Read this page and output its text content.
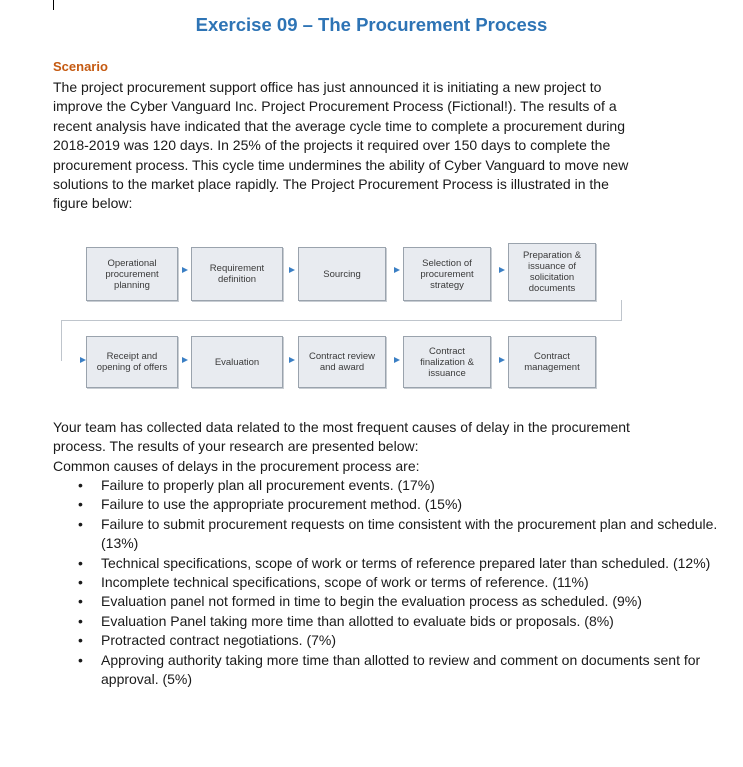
Exercise 09 – The Procurement Process
Scenario

The project procurement support office has just announced it is initiating a new project to improve the Cyber Vanguard Inc. Project Procurement Process (Fictional!). The results of a recent analysis have indicated that the average cycle time to complete a procurement during 2018-2019 was 120 days. In 25% of the projects it required over 150 days to complete the procurement process. This cycle time undermines the ability of Cyber Vanguard to move new solutions to the market place rapidly. The Project Procurement Process is illustrated in the figure below:

Operational procurement planning
Requirement definition	Sourcing
Selection of procurement strategy
Preparation & issuance of solicitation documents
Receipt and opening of offers	Evaluation	Contract review and award
Contract finalization & issuance
Contract management

Your team has collected data related to the most frequent causes of delay in the procurement process. The results of your research are presented below:

Common causes of delays in the procurement process are:

• Failure to properly plan all procurement events. (17%)
• Failure to use the appropriate procurement method. (15%)
• Failure to submit procurement requests on time consistent with the procurement plan and schedule. (13%)
• Technical specifications, scope of work or terms of reference prepared later than scheduled. (12%)
• Incomplete technical specifications, scope of work or terms of reference. (11%)
• Evaluation panel not formed in time to begin the evaluation process as scheduled. (9%)
• Evaluation Panel taking more time than allotted to evaluate bids or proposals. (8%)
• Protracted contract negotiations. (7%)
• Approving authority taking more time than allotted to review and comment on documents sent for approval. (5%)
